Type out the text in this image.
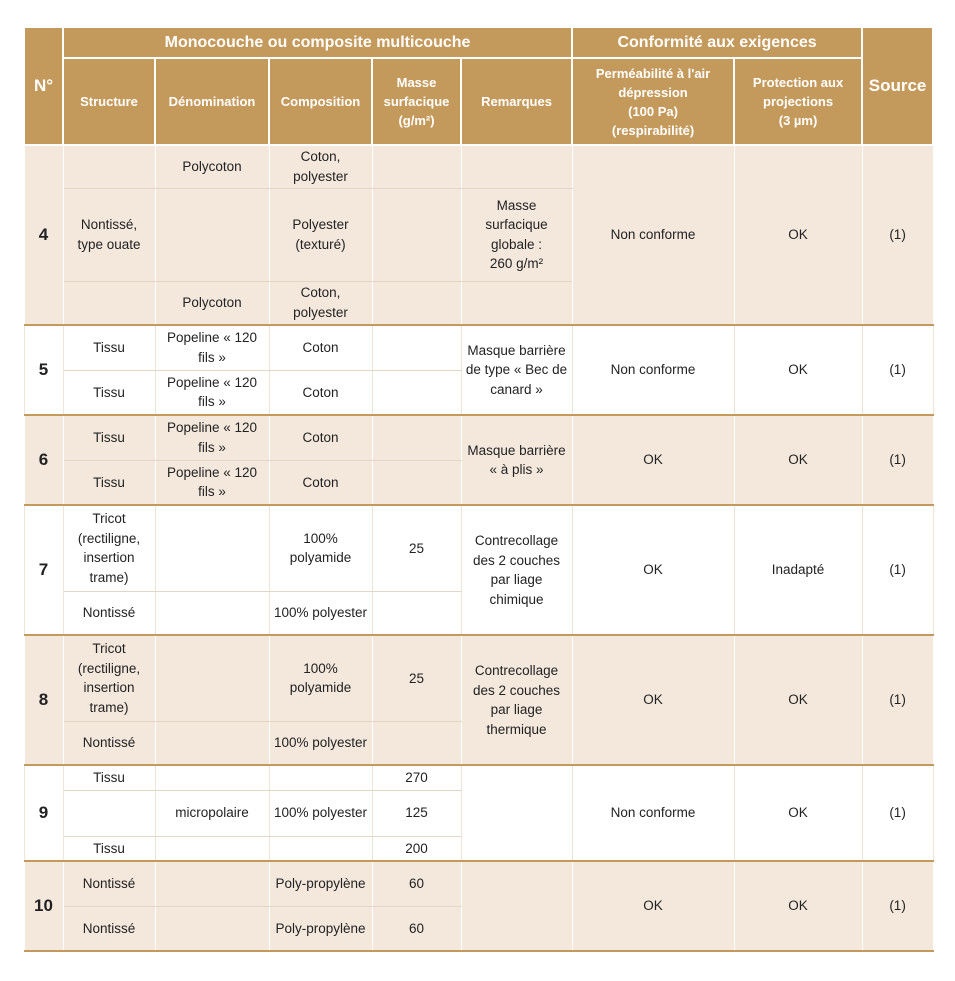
N°	Monocouche ou composite multicouche					Conformité aux exigences		Source
	Structure	Dénomination	Composition	Masse
surfacique
(g/m²)	Remarques	Perméabilité à l'air
dépression
(100 Pa)
(respirabilité)	Protection aux
projections
(3 µm)	
4		Polycoton	Coton, polyester			Non conforme	OK	(1)
	Nontissé, type ouate		Polyester (texturé)		Masse surfacique globale :
260 g/m²			
		Polycoton	Coton, polyester					
5	Tissu	Popeline « 120 fils »	Coton		Masque barrière de type « Bec de canard »	Non conforme	OK	(1)
	Tissu	Popeline « 120 fils »	Coton					
6	Tissu	Popeline « 120 fils »	Coton		Masque barrière « à plis »	OK	OK	(1)
	Tissu	Popeline « 120 fils »	Coton					
7	Tricot (rectiligne, insertion trame)		100% polyamide	25	Contrecollage des 2 couches par liage chimique	OK	Inadapté	(1)
	Nontissé		100% polyester					
8	Tricot (rectiligne, insertion trame)		100% polyamide	25	Contrecollage des 2 couches par liage thermique	OK	OK	(1)
	Nontissé		100% polyester					
9	Tissu			270		Non conforme	OK	(1)
		micropolaire	100% polyester	125				
	Tissu			200				
10	Nontissé		Poly-propylène	60		OK	OK	(1)
	Nontissé		Poly-propylène	60				
